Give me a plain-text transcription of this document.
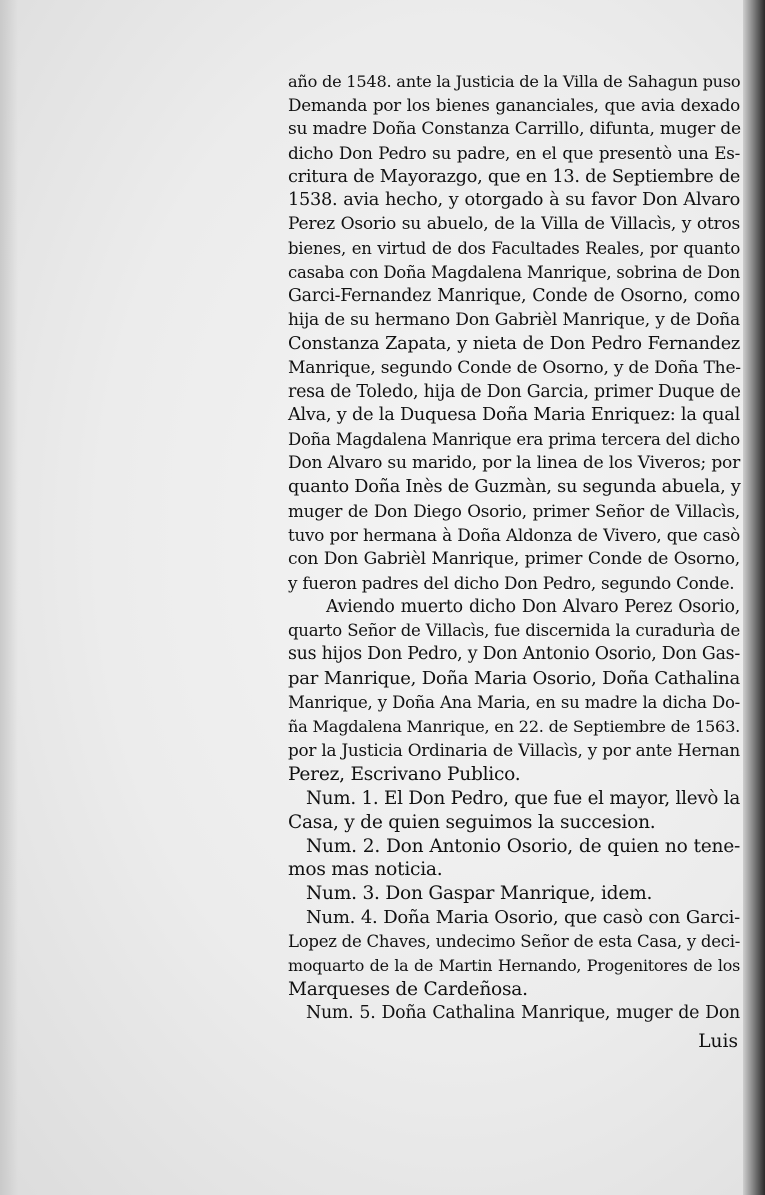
año de 1548. ante la Justicia de la Villa de Sahagun puso
Demanda por los bienes gananciales, que avia dexado
su madre Doña Constanza Carrillo, difunta, muger de
dicho Don Pedro su padre, en el que presentò una Es-
critura de Mayorazgo, que en 13. de Septiembre de
1538. avia hecho, y otorgado à su favor Don Alvaro
Perez Osorio su abuelo, de la Villa de Villacìs, y otros
bienes, en virtud de dos Facultades Reales, por quanto
casaba con Doña Magdalena Manrique, sobrina de Don
Garci-Fernandez Manrique, Conde de Osorno, como
hija de su hermano Don Gabrièl Manrique, y de Doña
Constanza Zapata, y nieta de Don Pedro Fernandez
Manrique, segundo Conde de Osorno, y de Doña The-
resa de Toledo, hija de Don Garcia, primer Duque de
Alva, y de la Duquesa Doña Maria Enriquez: la qual
Doña Magdalena Manrique era prima tercera del dicho
Don Alvaro su marido, por la linea de los Viveros; por
quanto Doña Inès de Guzmàn, su segunda abuela, y
muger de Don Diego Osorio, primer Señor de Villacìs,
tuvo por hermana à Doña Aldonza de Vivero, que casò
con Don Gabrièl Manrique, primer Conde de Osorno,
y fueron padres del dicho Don Pedro, segundo Conde.
Aviendo muerto dicho Don Alvaro Perez Osorio,
quarto Señor de Villacìs, fue discernida la curadurìa de
sus hijos Don Pedro, y Don Antonio Osorio, Don Gas-
par Manrique, Doña Maria Osorio, Doña Cathalina
Manrique, y Doña Ana Maria, en su madre la dicha Do-
ña Magdalena Manrique, en 22. de Septiembre de 1563.
por la Justicia Ordinaria de Villacìs, y por ante Hernan
Perez, Escrivano Publico.
Num. 1. El Don Pedro, que fue el mayor, llevò la
Casa, y de quien seguimos la succesion.
Num. 2. Don Antonio Osorio, de quien no tene-
mos mas noticia.
Num. 3. Don Gaspar Manrique, idem.
Num. 4. Doña Maria Osorio, que casò con Garci-
Lopez de Chaves, undecimo Señor de esta Casa, y deci-
moquarto de la de Martin Hernando, Progenitores de los
Marqueses de Cardeñosa.
Num. 5. Doña Cathalina Manrique, muger de Don
Luis
